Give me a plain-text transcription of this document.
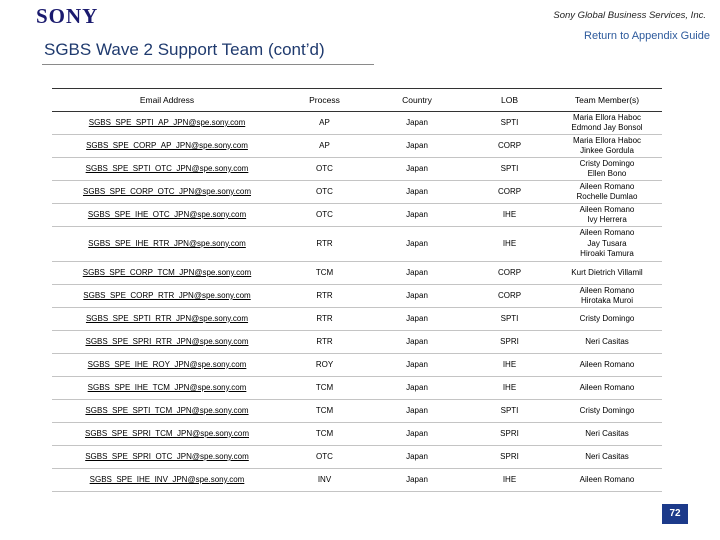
SONY	Sony Global Business Services, Inc.
Return to Appendix Guide
SGBS Wave 2 Support Team (cont’d)
Email Address	Process	Country	LOB	Team Member(s)
SGBS_SPE_SPTI_AP_JPN@spe.sony.com	AP	Japan	SPTI	Maria Ellora Haboc
Edmond Jay Bonsol
SGBS_SPE_CORP_AP_JPN@spe.sony.com	AP	Japan	CORP	Maria Ellora Haboc
Jinkee Gordula
SGBS_SPE_SPTI_OTC_JPN@spe.sony.com	OTC	Japan	SPTI	Cristy Domingo
Ellen Bono
SGBS_SPE_CORP_OTC_JPN@spe.sony.com	OTC	Japan	CORP	Aileen Romano
Rochelle Dumlao
SGBS_SPE_IHE_OTC_JPN@spe.sony.com	OTC	Japan	IHE	Aileen Romano
Ivy Herrera
SGBS_SPE_IHE_RTR_JPN@spe.sony.com	RTR	Japan	IHE	Aileen Romano
Jay Tusara
Hiroaki Tamura
SGBS_SPE_CORP_TCM_JPN@spe.sony.com	TCM	Japan	CORP	Kurt Dietrich Villamil
SGBS_SPE_CORP_RTR_JPN@spe.sony.com	RTR	Japan	CORP	Aileen Romano
Hirotaka Muroi
SGBS_SPE_SPTI_RTR_JPN@spe.sony.com	RTR	Japan	SPTI	Cristy Domingo
SGBS_SPE_SPRI_RTR_JPN@spe.sony.com	RTR	Japan	SPRI	Neri Casitas
SGBS_SPE_IHE_ROY_JPN@spe.sony.com	ROY	Japan	IHE	Aileen Romano
SGBS_SPE_IHE_TCM_JPN@spe.sony.com	TCM	Japan	IHE	Aileen Romano
SGBS_SPE_SPTI_TCM_JPN@spe.sony.com	TCM	Japan	SPTI	Cristy Domingo
SGBS_SPE_SPRI_TCM_JPN@spe.sony.com	TCM	Japan	SPRI	Neri Casitas
SGBS_SPE_SPRI_OTC_JPN@spe.sony.com	OTC	Japan	SPRI	Neri Casitas
SGBS_SPE_IHE_INV_JPN@spe.sony.com	INV	Japan	IHE	Aileen Romano
72
